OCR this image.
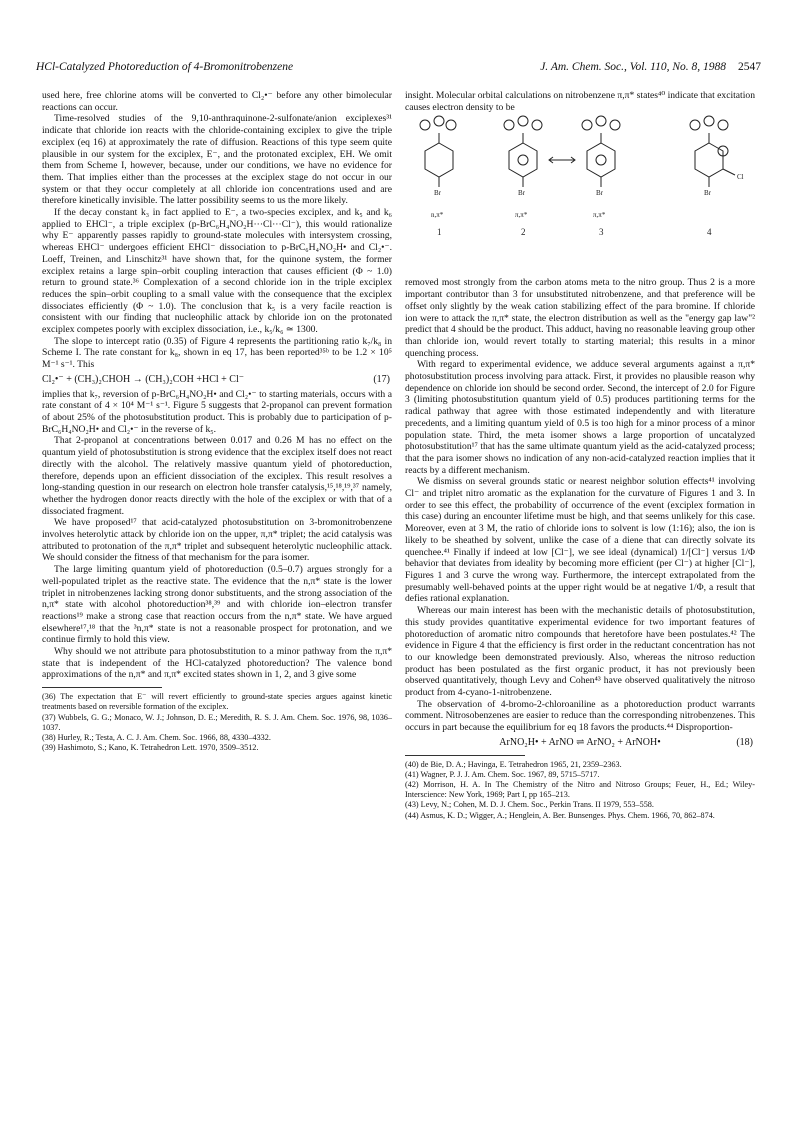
HCl-Catalyzed Photoreduction of 4-Bromonitrobenzene	J. Am. Chem. Soc., Vol. 110, No. 8, 1988 2547

used here, free chlorine atoms will be converted to Cl₂•⁻ before any other bimolecular reactions can occur.

Time-resolved studies of the 9,10-anthraquinone-2-sulfonate/anion exciplexes³¹ indicate that chloride ion reacts with the chloride-containing exciplex to give the triple exciplex (eq 16) at approximately the rate of diffusion. Reactions of this type seem quite plausible in our system for the exciplex, E⁻, and the protonated exciplex, EH. We omit them from Scheme I, however, because, under our conditions, we have no evidence for them. That implies either than the processes at the exciplex stage do not occur in our system or that they occur completely at all chloride ion concentrations used and are therefore kinetically invisible. The latter possibility seems to us the more likely.

If the decay constant k₃ in fact applied to E⁻, a two-species exciplex, and k₅ and k₆ applied to EHCl⁻, a triple exciplex (p-BrC₆H₄NO₂H···Cl···Cl⁻), this would rationalize why E⁻ apparently passes rapidly to ground-state molecules with intersystem crossing, whereas EHCl⁻ undergoes efficient EHCl⁻ dissociation to p-BrC₆H₄NO₂H• and Cl₂•⁻. Loeff, Treinen, and Linschitz³¹ have shown that, for the quinone system, the former exciplex retains a large spin–orbit coupling interaction that causes efficient (Φ ~ 1.0) return to ground state.³⁶ Complexation of a second chloride ion in the triple exciplex reduces the spin–orbit coupling to a small value with the consequence that the exciplex dissociates efficiently (Φ ~ 1.0). The conclusion that k₅ is a very facile reaction is consistent with our finding that nucleophilic attack by chloride ion on the protonated exciplex competes poorly with exciplex dissociation, i.e., k₅/k₆ ≃ 1300.

The slope to intercept ratio (0.35) of Figure 4 represents the partitioning ratio k₇/k₈ in Scheme I. The rate constant for k₈, shown in eq 17, has been reported³⁵ᵇ to be 1.2 × 10⁵ M⁻¹ s⁻¹. This

Cl₂•⁻ + (CH₃)₂CHOH → (CH₃)₂COH +HCl + Cl⁻	(17)

implies that k₇, reversion of p-BrC₆H₄NO₂H• and Cl₂•⁻ to starting materials, occurs with a rate constant of 4 × 10⁴ M⁻¹ s⁻¹. Figure 5 suggests that 2-propanol can prevent formation of about 25% of the photosubstitution product. This is probably due to participation of p-BrC₆H₄NO₂H• and Cl₂•⁻ in the reverse of k₅.

That 2-propanol at concentrations between 0.017 and 0.26 M has no effect on the quantum yield of photosubstitution is strong evidence that the exciplex itself does not react directly with the alcohol. The relatively massive quantum yield of photoreduction, therefore, depends upon an efficient dissociation of the exciplex. This result resolves a long-standing question in our research on electron hole transfer catalysis,¹⁵,¹⁸,¹⁹,³⁷ namely, whether the hydrogen donor reacts directly with the hole of the exciplex or with that of a dissociated fragment.

We have proposed¹⁷ that acid-catalyzed photosubstitution on 3-bromonitrobenzene involves heterolytic attack by chloride ion on the upper, π,π* triplet; the acid catalysis was attributed to protonation of the π,π* triplet and subsequent heterolytic nucleophilic attack. We should consider the fitness of that mechanism for the para isomer.

The large limiting quantum yield of photoreduction (0.5–0.7) argues strongly for a well-populated triplet as the reactive state. The evidence that the n,π* state is the lower triplet in nitrobenzenes lacking strong donor substituents, and the strong association of the n,π* state with alcohol photoreduction³⁸,³⁹ and with chloride ion–electron transfer reactions¹⁹ make a strong case that reaction occurs from the n,π* state. We have argued elsewhere¹⁷,¹⁸ that the ³n,π* state is not a reasonable prospect for protonation, and we continue firmly to hold this view.

Why should we not attribute para photosubstitution to a minor pathway from the π,π* state that is independent of the HCl-catalyzed photoreduction? The valence bond approximations of the n,π* and π,π* excited states shown in 1, 2, and 3 give some

(36) The expectation that E⁻ will revert efficiently to ground-state species argues against kinetic treatments based on reversible formation of the exciplex.

(37) Wubbels, G. G.; Monaco, W. J.; Johnson, D. E.; Meredith, R. S. J. Am. Chem. Soc. 1976, 98, 1036–1037.

(38) Hurley, R.; Testa, A. C. J. Am. Chem. Soc. 1966, 88, 4330–4332.

(39) Hashimoto, S.; Kano, K. Tetrahedron Lett. 1970, 3509–3512.

insight. Molecular orbital calculations on nitrobenzene π,π* states⁴⁰ indicate that excitation causes electron density to be

Br	Br	Br	Br
Cl
n,π*	π,π*	π,π*
1	2	3	4

removed most strongly from the carbon atoms meta to the nitro group. Thus 2 is a more important contributor than 3 for unsubstituted nitrobenzene, and that preference will be offset only slightly by the weak cation stabilizing effect of the para bromine. If chloride ion were to attack the π,π* state, the electron distribution as well as the "energy gap law"² predict that 4 should be the product. This adduct, having no reasonable leaving group other than chloride ion, would revert totally to starting material; this results in a minor quenching process.

With regard to experimental evidence, we adduce several arguments against a π,π* photosubstitution process involving para attack. First, it provides no plausible reason why dependence on chloride ion should be second order. Second, the intercept of 2.0 for Figure 3 (limiting photosubstitution quantum yield of 0.5) produces partitioning terms for the radical pathway that agree with those estimated independently and with literature precedents, and a limiting quantum yield of 0.5 is too high for a minor process of a minor population state. Third, the meta isomer shows a large proportion of uncatalyzed photosubstitution¹⁷ that has the same ultimate quantum yield as the acid-catalyzed process; that the para isomer shows no indication of any non-acid-catalyzed reaction implies that it reacts by a different mechanism.

We dismiss on several grounds static or nearest neighbor solution effects⁴¹ involving Cl⁻ and triplet nitro aromatic as the explanation for the curvature of Figures 1 and 3. In order to see this effect, the probability of occurrence of the event (exciplex formation in this case) during an encounter lifetime must be high, and that seems unlikely for this case. Moreover, even at 3 M, the ratio of chloride ions to solvent is low (1:16); also, the ion is likely to be sheathed by solvent, unlike the case of a diene that can directly solvate its quenchee.⁴¹ Finally if indeed at low [Cl⁻], we see ideal (dynamical) 1/[Cl⁻] versus 1/Φ behavior that deviates from ideality by becoming more efficient (per Cl⁻) at higher [Cl⁻], Figures 1 and 3 curve the wrong way. Furthermore, the intercept extrapolated from the presumably well-behaved points at the upper right would be at negative 1/Φ, a result that defies rational explanation.

Whereas our main interest has been with the mechanistic details of photosubstitution, this study provides quantitative experimental evidence for two important features of photoreduction of aromatic nitro compounds that heretofore have been postulates.⁴² The evidence in Figure 4 that the efficiency is first order in the reductant concentration has not to our knowledge been demonstrated previously. Also, whereas the nitroso reduction product has been postulated as the first organic product, it has not previously been observed quantitatively, though Levy and Cohen⁴³ have observed qualitatively the nitroso product from 4-cyano-1-nitrobenzene.

The observation of 4-bromo-2-chloroaniline as a photoreduction product warrants comment. Nitrosobenzenes are easier to reduce than the corresponding nitrobenzenes. This occurs in part because the equilibrium for eq 18 favors the products.⁴⁴ Disproportion-

ArNO₂H• + ArNO ⇌ ArNO₂ + ArNOH•	(18)

(40) de Bie, D. A.; Havinga, E. Tetrahedron 1965, 21, 2359–2363.

(41) Wagner, P. J. J. Am. Chem. Soc. 1967, 89, 5715–5717.

(42) Morrison, H. A. In The Chemistry of the Nitro and Nitroso Groups; Feuer, H., Ed.; Wiley-Interscience: New York, 1969; Part I, pp 165–213.

(43) Levy, N.; Cohen, M. D. J. Chem. Soc., Perkin Trans. II 1979, 553–558.

(44) Asmus, K. D.; Wigger, A.; Henglein, A. Ber. Bunsenges. Phys. Chem. 1966, 70, 862–874.
